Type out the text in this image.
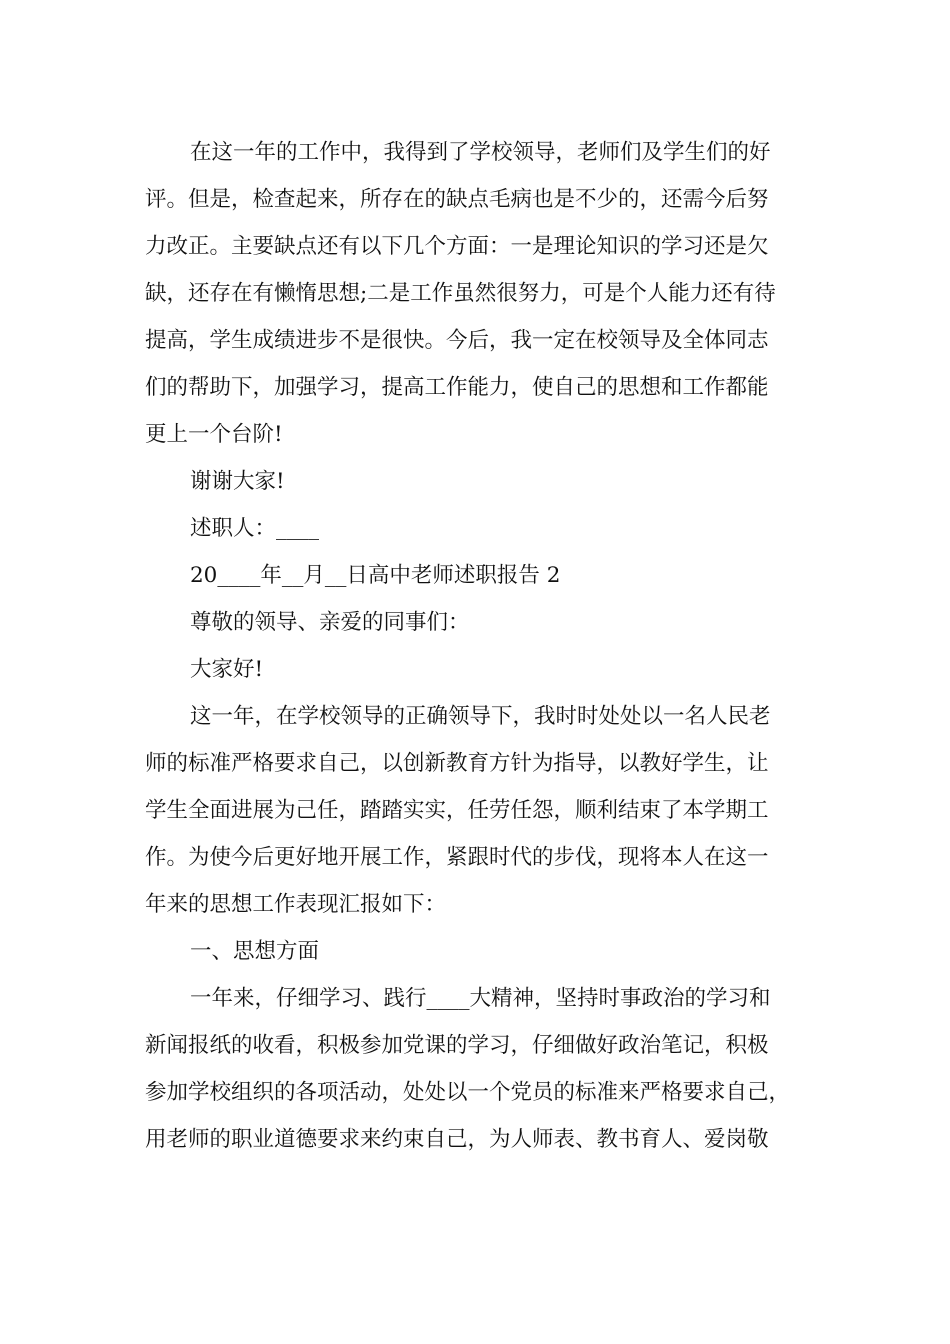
在这一年的工作中，我得到了学校领导，老师们及学生们的好
评。但是，检查起来，所存在的缺点毛病也是不少的，还需今后努
力改正。主要缺点还有以下几个方面：一是理论知识的学习还是欠
缺，还存在有懒惰思想;二是工作虽然很努力，可是个人能力还有待
提高，学生成绩进步不是很快。今后，我一定在校领导及全体同志
们的帮助下，加强学习，提高工作能力，使自己的思想和工作都能
更上一个台阶!
谢谢大家!
述职人：____
20____年__月__日高中老师述职报告 2
尊敬的领导、亲爱的同事们：
大家好!
这一年，在学校领导的正确领导下，我时时处处以一名人民老
师的标准严格要求自己，以创新教育方针为指导，以教好学生，让
学生全面进展为己任，踏踏实实，任劳任怨，顺利结束了本学期工
作。为使今后更好地开展工作，紧跟时代的步伐，现将本人在这一
年来的思想工作表现汇报如下：
一、思想方面
一年来，仔细学习、践行____大精神，坚持时事政治的学习和
新闻报纸的收看，积极参加党课的学习，仔细做好政治笔记，积极
参加学校组织的各项活动，处处以一个党员的标准来严格要求自己，
用老师的职业道德要求来约束自己，为人师表、教书育人、爱岗敬
